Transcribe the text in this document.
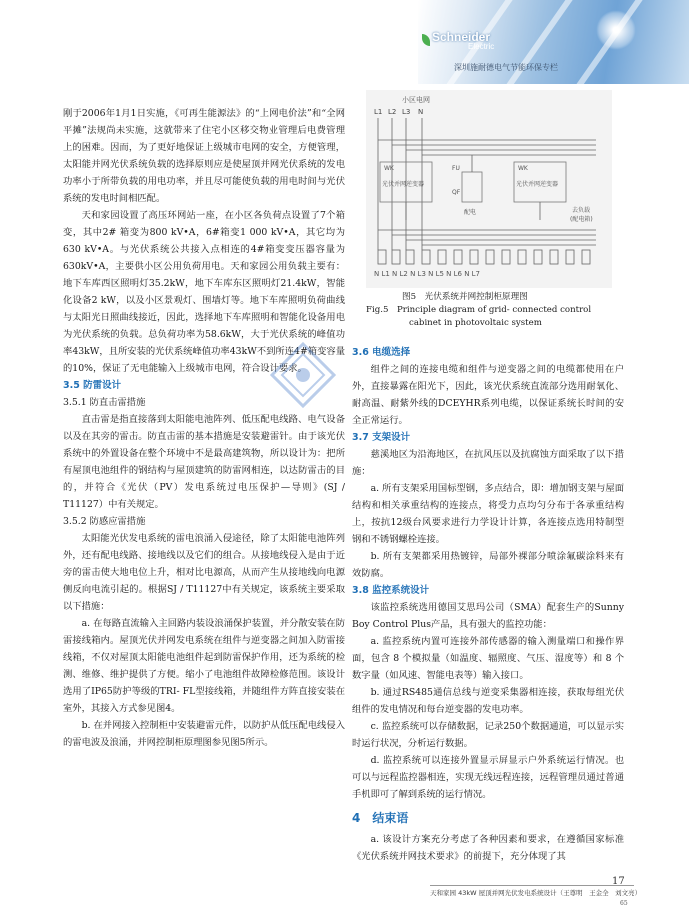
Schneider
Electric
深圳施耐德电气节能环保专栏

刚于2006年1月1日实施，《可再生能源法》的“上网电价法”和“全网平摊”法规尚未实施，这就带来了住宅小区移交物业管理后电费管理上的困难。因而，为了更好地保证上级城市电网的安全，方便管理，太阳能并网光伏系统负载的选择原则应是使屋顶并网光伏系统的发电功率小于所带负载的用电功率，并且尽可能使负载的用电时间与光伏系统的发电时间相匹配。

天和家园设置了高压环网站一座，在小区各负荷点设置了7个箱变，其中2# 箱变为800 kV•A，6#箱变1 000 kV•A，其它均为630 kV•A。与光伏系统公共接入点相连的4#箱变变压器容量为630kV•A，主要供小区公用负荷用电。天和家园公用负载主要有：地下车库西区照明灯35.2kW，地下车库东区照明灯21.4kW，智能化设备2 kW，以及小区景观灯、围墙灯等。地下车库照明负荷曲线与太阳光日照曲线接近，因此，选择地下车库照明和智能化设备用电为光伏系统的负载。总负荷功率为58.6kW，大于光伏系统的峰值功率43kW，且所安装的光伏系统峰值功率43kW不到所连4#箱变容量的10%，保证了无电能输入上级城市电网，符合设计要求。

3.5 防雷设计
3.5.1 防直击雷措施

直击雷是指直接落到太阳能电池阵列、低压配电线路、电气设备以及在其旁的雷击。防直击雷的基本措施是安装避雷针。由于该光伏系统中的外置设备在整个环境中不是最高建筑物，所以设计为：把所有屋顶电池组件的钢结构与屋顶建筑的防雷网相连，以达防雷击的目的，并符合《光伏（PV）发电系统过电压保护—导则》(SJ / T11127）中有关规定。

3.5.2 防感应雷措施

太阳能光伏发电系统的雷电浪涌入侵途径，除了太阳能电池阵列外，还有配电线路、接地线以及它们的组合。从接地线侵入是由于近旁的雷击使大地电位上升，相对比电源高，从而产生从接地线向电源侧反向电流引起的。根据SJ / T11127中有关规定，该系统主要采取以下措施：

a. 在每路直流输入主回路内装设浪涌保护装置，并分散安装在防雷接线箱内。屋顶光伏并网发电系统在组件与逆变器之间加入防雷接线箱，不仅对屋顶太阳能电池组件起到防雷保护作用，还为系统的检测、维修、维护提供了方便。缩小了电池组件故障检修范围。该设计选用了IP65防护等级的TRI- FL型接线箱，并随组件方阵直接安装在室外，其接入方式参见图4。

b. 在并网接入控制柜中安装避雷元件，以防护从低压配电线侵入的雷电波及浪涌，并网控制柜原理图参见图5所示。

小区电网
L1 L2 L3 N
WK
光伏并网逆变器
WK
光伏并网逆变器
FU
QF
配电	去负载
(配电箱)
N L1 N L2 N L3 N L5 N L6 N L7
图5　光伏系统并网控制柜原理图
Fig.5　Principle diagram of grid- connected control
cabinet in photovoltaic system
3.6 电缆选择

组件之间的连接电缆和组件与逆变器之间的电缆都使用在户外，直接暴露在阳光下，因此，该光伏系统直流部分选用耐氧化、耐高温、耐紫外线的DCEYHR系列电缆，以保证系统长时间的安全正常运行。

3.7 支架设计

慈溪地区为沿海地区，在抗风压以及抗腐蚀方面采取了以下措施：

a. 所有支架采用国标型钢，多点结合，即：增加钢支架与屋面结构和相关承重结构的连接点，将受力点均匀分布于各承重结构上，按抗12级台风要求进行力学设计计算，各连接点选用特制型钢和不锈钢螺栓连接。

b. 所有支架都采用热镀锌，局部外裸部分喷涂氟碳涂料来有效防腐。

3.8 监控系统设计

该监控系统选用德国艾思玛公司（SMA）配套生产的Sunny Boy Control Plus产品，具有强大的监控功能：

a. 监控系统内置可连接外部传感器的输入测量端口和操作界面，包含 8 个模拟量（如温度、辐照度、气压、湿度等）和 8 个数字量（如风速、智能电表等）输入接口。

b. 通过RS485通信总线与逆变采集器相连接，获取每组光伏组件的发电情况和每台逆变器的发电功率。

c. 监控系统可以存储数据，记录250个数据通道，可以显示实时运行状况，分析运行数据。

d. 监控系统可以连接外置显示屏显示户外系统运行情况。也可以与远程监控器相连，实现无线远程连接，远程管理员通过普通手机即可了解到系统的运行情况。

4　结束语

a. 该设计方案充分考虑了各种因素和要求，在遵循国家标准《光伏系统并网技术要求》的前提下，充分体现了其

天和家园 43kW 屋顶并网光伏发电系统设计（王尊明　王金全　刘文亮）
17
65
